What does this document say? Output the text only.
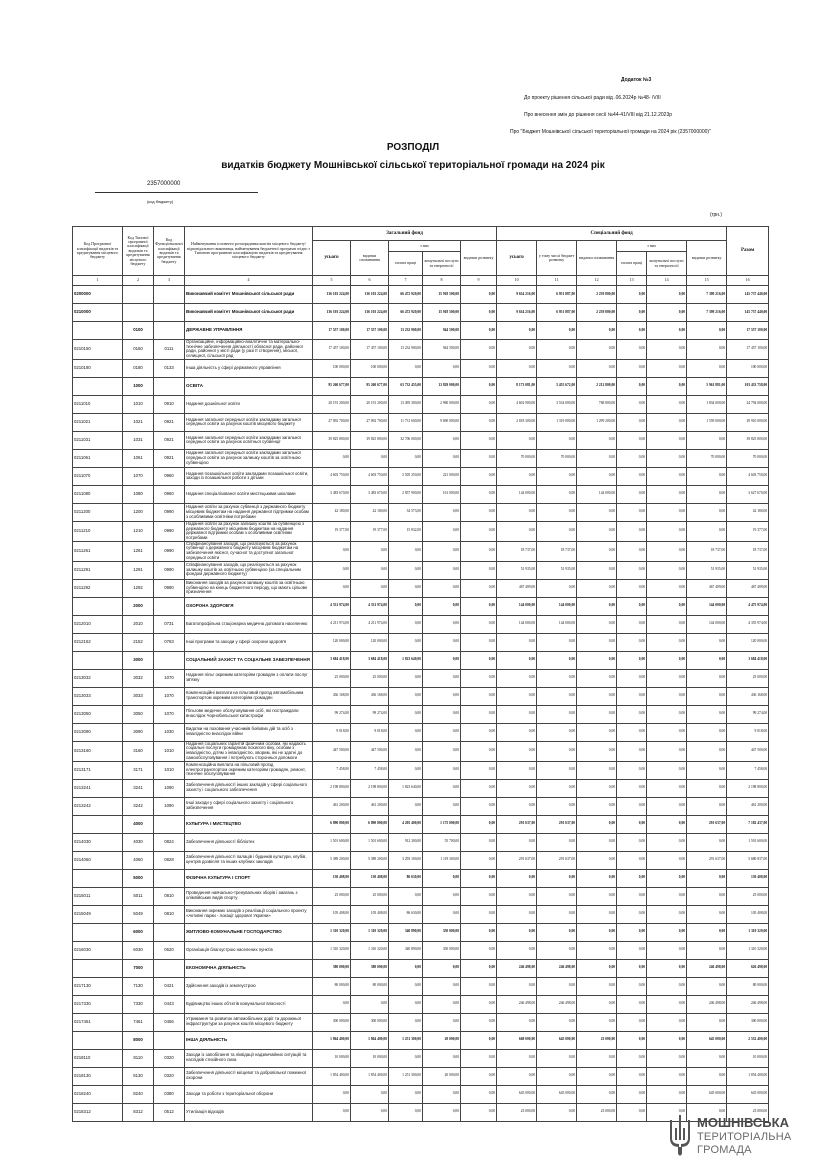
Додаток №3
До проекту рішення сільської ради від .06.2024р №48- /VIII
Про внесення змін до рішення сесії №44-41/VIII від 21.12.2023р
Про "Бюджет Мошнівської сільської територіальної громади на 2024 рік (2357000000)"
РОЗПОДІЛ
видатків бюджету Мошнівської сільської територіальної громади на 2024 рік
2357000000
(код бюджету)
(грн.)
Код Програмної класифікації видатків та кредитування місцевого бюджету	Код Типової програмної класифікації видатків та кредитування місцевого бюджету	Код Функціональної класифікації видатків та кредитування бюджету	Найменування головного розпорядника коштів місцевого бюджету/ відповідального виконавця, найменування бюджетної програми згідно з Типовою програмною класифікацією видатків та кредитування місцевого бюджету	Загальний фонд					Спеціальний фонд						Разом
				усього	видатки споживання	з них		видатки розвитку	усього	у тому числі бюджет розвитку	видатки споживання	з них		видатки розвитку	
						оплата праці	комунальні послуги та енергоносії					оплата праці	комунальні послуги та енергоносії		
1	2	3	4	5	6	7	8	9	10	11	12	13	14	15	16
0200000			Виконавчий комітет Мошнівської сільської ради	136 103 224,00	136 103 224,00	66 472 920,00	15 918 500,00	0,00	9 634 216,00	6 951 887,00	2 239 800,00	0,00	0,00	7 399 216,00	145 737 440,00
0210000			Виконавчий комітет Мошнівської сільської ради	136 103 224,00	136 103 224,00	66 472 920,00	15 918 500,00	0,00	9 634 216,00	6 951 887,00	2 239 800,00	0,00	0,00	7 399 216,00	145 737 440,00
	0100		ДЕРЖАВНЕ УПРАВЛІННЯ	17 557 100,00	17 557 100,00	13 232 900,00	944 500,00	0,00	0,00	0,00	0,00	0,00	0,00	0,00	17 557 100,00
0210150	0150	0111	Організаційне, інформаційно-аналітичне та матеріально-технічне забезпечення діяльності обласної ради, районної ради, районної у місті ради (у разі її створення), міської, селищної, сільської рад	17 457 100,00	17 457 100,00	13 232 900,00	944 500,00	0,00	0,00	0,00	0,00	0,00	0,00	0,00	17 457 100,00
0210180	0180	0133	Інша діяльність у сфері державного управління	100 000,00	100 000,00	0,00	0,00	0,00	0,00	0,00	0,00	0,00	0,00	0,00	100 000,00
	1000		ОСВІТА	95 260 677,00	95 260 677,00	63 732 455,00	13 829 000,00	0,00	8 173 081,00	5 455 672,00	2 212 800,00	0,00	0,00	5 961 881,00	103 433 758,00
0211010	1010	0910	Надання дошкільної освіти	20 191 200,00	20 191 200,00	13 495 300,00	2 960 000,00	0,00	4 602 900,00	3 534 000,00	768 800,00	0,00	0,00	1 834 000,00	24 794 000,00
0211021	1021	0921	Надання загальної середньої освіти закладами загальної середньої освіти за рахунок коштів місцевого бюджету	27 092 700,00	27 092 700,00	11 731 600,00	9 690 000,00	0,00	2 818 300,00	1 319 000,00	1 299 200,00	0,00	0,00	1 559 000,00	29 910 000,00
0211031	1031	0921	Надання загальної середньої освіти закладами загальної середньої освіти за рахунок освітньої субвенції	39 825 800,00	39 825 800,00	32 706 000,00	0,00	0,00	0,00	0,00	0,00	0,00	0,00	0,00	39 825 800,00
0211061	1061	0921	Надання загальної середньої освіти закладами загальної середньої освіти за рахунок залишку коштів за освітньою субвенцією	0,00	0,00	0,00	0,00	0,00	70 000,00	70 000,00	0,00	0,00	0,00	70 000,00	70 000,00
0211070	1070	0960	Надання позашкільної освіти закладами позашкільної освіти, заходи із позашкільної роботи з дітьми	4 603 750,00	4 603 750,00	3 505 250,00	221 000,00	0,00	0,00	0,00	0,00	0,00	0,00	0,00	4 603 750,00
0211080	1080	0960	Надання спеціалізованої освіти мистецькими школами	3 483 670,00	3 483 670,00	2 857 900,00	161 000,00	0,00	144 000,00	0,00	144 000,00	0,00	0,00	0,00	3 627 670,00
0211200	1200	0990	Надання освіти за рахунок субвенції з державного бюджету місцевим бюджетам на надання державної підтримки особам з особливими освітніми потребами	42 180,00	42 180,00	34 573,00	0,00	0,00	0,00	0,00	0,00	0,00	0,00	0,00	42 180,00
0211210	1210	0990	Надання освіти за рахунок залишку коштів за субвенцією з державного бюджету місцевим бюджетам на надання державної підтримки особам з особливими освітніми потребами	19 377,00	19 377,00	15 832,00	0,00	0,00	0,00	0,00	0,00	0,00	0,00	0,00	19 377,00
0211261	1261	0990	Співфінансування заходів, що реалізуються за рахунок субвенції з державного бюджету місцевим бюджетам на забезпечення якісної, сучасної та доступної загальної середньої освіти	0,00	0,00	0,00	0,00	0,00	18 737,00	18 737,00	0,00	0,00	0,00	18 737,00	18 737,00
0211291	1291	0990	Співфінансування заходів, що реалізуються за рахунок залишку коштів за освітньою субвенцією (за спеціальним фондом державного бюджету)	0,00	0,00	0,00	0,00	0,00	51 935,00	51 935,00	0,00	0,00	0,00	51 935,00	51 935,00
0211292	1292	0990	Виконання заходів за рахунок залишку коштів за освітньою субвенцією на кінець бюджетного періоду, що мають цільове призначення	0,00	0,00	0,00	0,00	0,00	467 409,00	0,00	0,00	0,00	0,00	467 409,00	467 409,00
	2000		ОХОРОНА ЗДОРОВ'Я	4 331 974,00	4 331 974,00	0,00	0,00	0,00	144 000,00	144 000,00	0,00	0,00	0,00	144 000,00	4 475 974,00
0212010	2010	0731	Багатопрофільна стаціонарна медична допомога населенню	4 211 974,00	4 211 974,00	0,00	0,00	0,00	144 000,00	144 000,00	0,00	0,00	0,00	144 000,00	4 355 974,00
0212152	2152	0763	Інші програми та заходи у сфері охорони здоров'я	120 000,00	120 000,00	0,00	0,00	0,00	0,00	0,00	0,00	0,00	0,00	0,00	120 000,00
	3000		СОЦІАЛЬНИЙ ЗАХИСТ ТА СОЦІАЛЬНЕ ЗАБЕЗПЕЧЕННЯ	3 684 418,00	3 684 418,00	1 823 640,00	0,00	0,00	0,00	0,00	0,00	0,00	0,00	0,00	3 684 418,00
0213032	3032	1070	Надання пільг окремим категоріям громадян з оплати послуг зв'язку	25 000,00	25 000,00	0,00	0,00	0,00	0,00	0,00	0,00	0,00	0,00	0,00	25 000,00
0213033	3033	1070	Компенсаційні виплати на пільговий проїзд автомобільним транспортом окремим категоріям громадян	436 168,00	436 168,00	0,00	0,00	0,00	0,00	0,00	0,00	0,00	0,00	0,00	436 168,00
0213050	3050	1070	Пільгове медичне обслуговування осіб, які постраждали внаслідок Чорнобильської катастрофи	99 274,00	99 274,00	0,00	0,00	0,00	0,00	0,00	0,00	0,00	0,00	0,00	99 274,00
0213090	3090	1030	Видатки на поховання учасників бойових дій та осіб з інвалідністю внаслідок війни	9 018,00	9 018,00	0,00	0,00	0,00	0,00	0,00	0,00	0,00	0,00	0,00	9 018,00
0213160	3160	1010	Надання соціальних гарантій фізичним особам, які надають соціальні послуги громадянам похилого віку, особам з інвалідністю, дітям з інвалідністю, хворим, які не здатні до самообслуговування і потребують сторонньої допомоги	447 500,00	447 500,00	0,00	0,00	0,00	0,00	0,00	0,00	0,00	0,00	0,00	447 500,00
0213171	3171	1010	Компенсаційна виплата на пільговий проїзд електротранспортом окремим категоріям громадян, ремонт, технічне обслуговування	7 458,00	7 458,00	0,00	0,00	0,00	0,00	0,00	0,00	0,00	0,00	0,00	7 458,00
0213241	3241	1090	Забезпечення діяльності інших закладів у сфері соціального захисту і соціального забезпечення	2 198 800,00	2 198 800,00	1 823 640,00	0,00	0,00	0,00	0,00	0,00	0,00	0,00	0,00	2 198 800,00
0213242	3242	1090	Інші заходи у сфері соціального захисту і соціального забезпечення	461 200,00	461 200,00	0,00	0,00	0,00	0,00	0,00	0,00	0,00	0,00	0,00	461 200,00
	4000		КУЛЬТУРА І МИСТЕЦТВО	6 890 800,00	6 890 800,00	4 205 400,00	1 175 000,00	0,00	291 637,00	291 637,00	0,00	0,00	0,00	291 637,00	7 182 437,00
0214030	4030	0824	Забезпечення діяльності бібліотек	1 501 600,00	1 501 600,00	912 300,00	55 700,00	0,00	0,00	0,00	0,00	0,00	0,00	0,00	1 501 600,00
0214060	4060	0828	Забезпечення діяльності палаців i будинків культури, клубів, центрів дозвілля та інших клубних закладів	5 389 200,00	5 389 200,00	3 293 100,00	1 119 300,00	0,00	291 637,00	291 637,00	0,00	0,00	0,00	291 637,00	5 680 837,00
	5000		ФІЗИЧНА КУЛЬТУРА І СПОРТ	130 408,00	130 408,00	86 630,00	0,00	0,00	0,00	0,00	0,00	0,00	0,00	0,00	130 408,00
0215011	5011	0810	Проведення навчально-тренувальних зборів і змагань з олімпійських видів спорту	25 000,00	25 000,00	0,00	0,00	0,00	0,00	0,00	0,00	0,00	0,00	0,00	25 000,00
0215049	5049	0810	Виконання окремих заходів з реалізації соціального проекту «Активні парки - локації здорової України»	105 408,00	105 408,00	86 630,00	0,00	0,00	0,00	0,00	0,00	0,00	0,00	0,00	105 408,00
	6000		ЖИТЛОВО-КОМУНАЛЬНЕ ГОСПОДАРСТВО	1 310 320,00	1 310 320,00	340 890,00	350 000,00	0,00	0,00	0,00	0,00	0,00	0,00	0,00	1 310 320,00
0216030	6030	0620	Організація благоустрою населених пунктів	1 310 320,00	1 310 320,00	340 890,00	350 000,00	0,00	0,00	0,00	0,00	0,00	0,00	0,00	1 310 320,00
	7000		ЕКОНОМІЧНА ДІЯЛЬНІСТЬ	380 000,00	380 000,00	0,00	0,00	0,00	246 498,00	246 498,00	0,00	0,00	0,00	246 498,00	626 498,00
0217130	7130	0421	Здійснення заходів із землеустрою	80 000,00	80 000,00	0,00	0,00	0,00	0,00	0,00	0,00	0,00	0,00	0,00	80 000,00
0217330	7330	0443	Будівництво інших об'єктів комунальної власності	0,00	0,00	0,00	0,00	0,00	246 498,00	246 498,00	0,00	0,00	0,00	246 498,00	246 498,00
0217461	7461	0456	Утримання та розвиток автомобільних доріг та дорожньої інфраструктури за рахунок коштів місцевого бюджету	300 000,00	300 000,00	0,00	0,00	0,00	0,00	0,00	0,00	0,00	0,00	0,00	300 000,00
	8000		ІНША ДІЯЛЬНІСТЬ	1 864 400,00	1 864 400,00	1 251 300,00	20 000,00	0,00	668 000,00	645 000,00	23 000,00	0,00	0,00	645 000,00	2 532 400,00
0218110	8110	0320	Заходи із запобігання та ліквідації надзвичайних ситуацій та наслідків стихійного лиха	10 000,00	10 000,00	0,00	0,00	0,00	0,00	0,00	0,00	0,00	0,00	0,00	10 000,00
0218130	8130	0320	Забезпечення діяльності місцевої та добровільної пожежної охорони	1 854 400,00	1 854 400,00	1 251 300,00	20 000,00	0,00	0,00	0,00	0,00	0,00	0,00	0,00	1 854 400,00
0218240	8240	0380	Заходи та роботи з територіальної оборони	0,00	0,00	0,00	0,00	0,00	645 000,00	645 000,00	0,00	0,00	0,00	645 000,00	645 000,00
0218312	8312	0512	Утилізація відходів	0,00	0,00	0,00	0,00	0,00	23 000,00	0,00	23 000,00	0,00	0,00	0,00	23 000,00
МОШНІВСЬКА
ТЕРИТОРІАЛЬНА
ГРОМАДА
